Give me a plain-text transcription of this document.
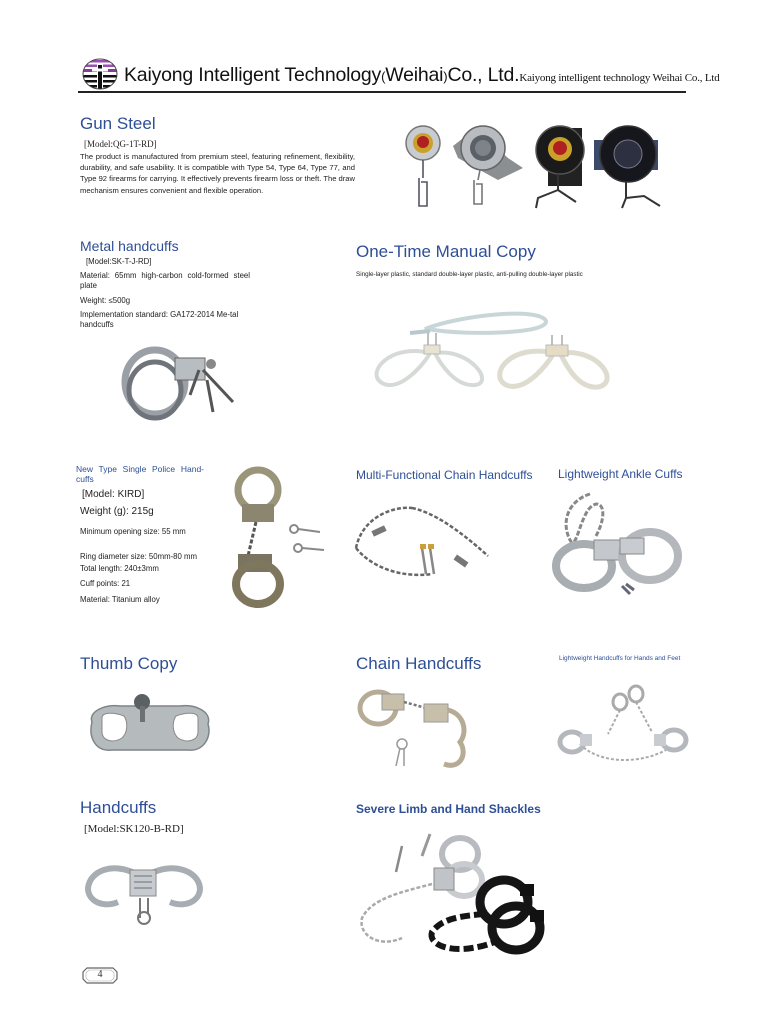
Kaiyong Intelligent Technology(Weihai)Co., Ltd.Kaiyong intelligent technology Weihai Co., Ltd
Gun Steel
[Model:QG-1T-RD]
The product is manufactured from premium steel, featuring refinement, flexibility, durability, and safe usability. It is compatible with Type 54, Type 64, Type 77, and Type 92 firearms for carrying. It effectively prevents firearm loss or theft. The draw mechanism ensures convenient and flexible operation.
Metal handcuffs
[Model:SK-T-J-RD]
Material: 65mm high-carbon cold-formed steel plate
Weight: ≤500g
Implementation standard: GA172-2014 Me-tal handcuffs
One-Time Manual Copy
Single-layer plastic, standard double-layer plastic, anti-pulling double-layer plastic
New Type Single Police Hand-cuffs
[Model: KIRD]
Weight (g): 215g
Minimum opening size: 55 mm
Ring diameter size: 50mm-80 mm Total length: 240±3mm
Cuff points: 21
Material: Titanium alloy
Multi-Functional Chain Handcuffs Lightweight Ankle Cuffs
Thumb Copy	Chain Handcuffs	Lightweight Handcuffs for Hands and Feet
Handcuffs
[Model:SK120-B-RD]
Severe Limb and Hand Shackles
4
